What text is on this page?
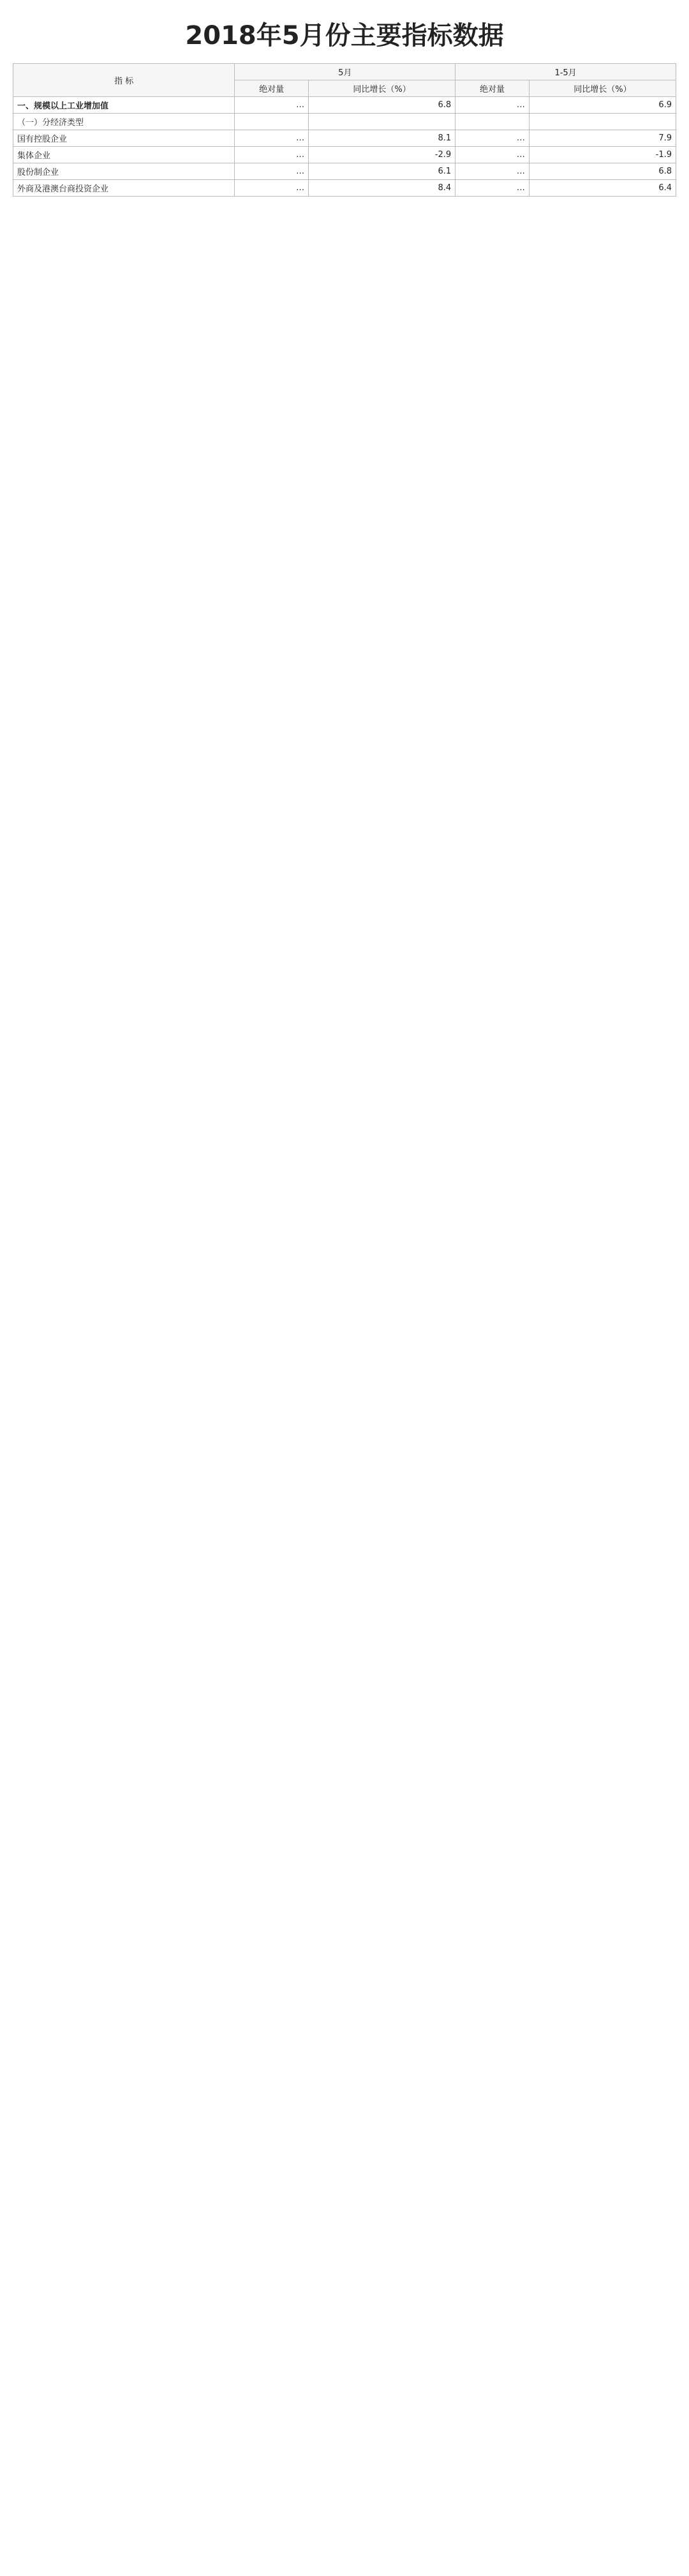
2018年5月份主要指标数据
指 标	5月		1-5月	
	绝对量	同比增长（%）	绝对量	同比增长（%）
一、规模以上工业增加值	…	6.8	…	6.9
（一）分经济类型				
国有控股企业	…	8.1	…	7.9
集体企业	…	-2.9	…	-1.9
股份制企业	…	6.1	…	6.8
外商及港澳台商投资企业	…	8.4	…	6.4
